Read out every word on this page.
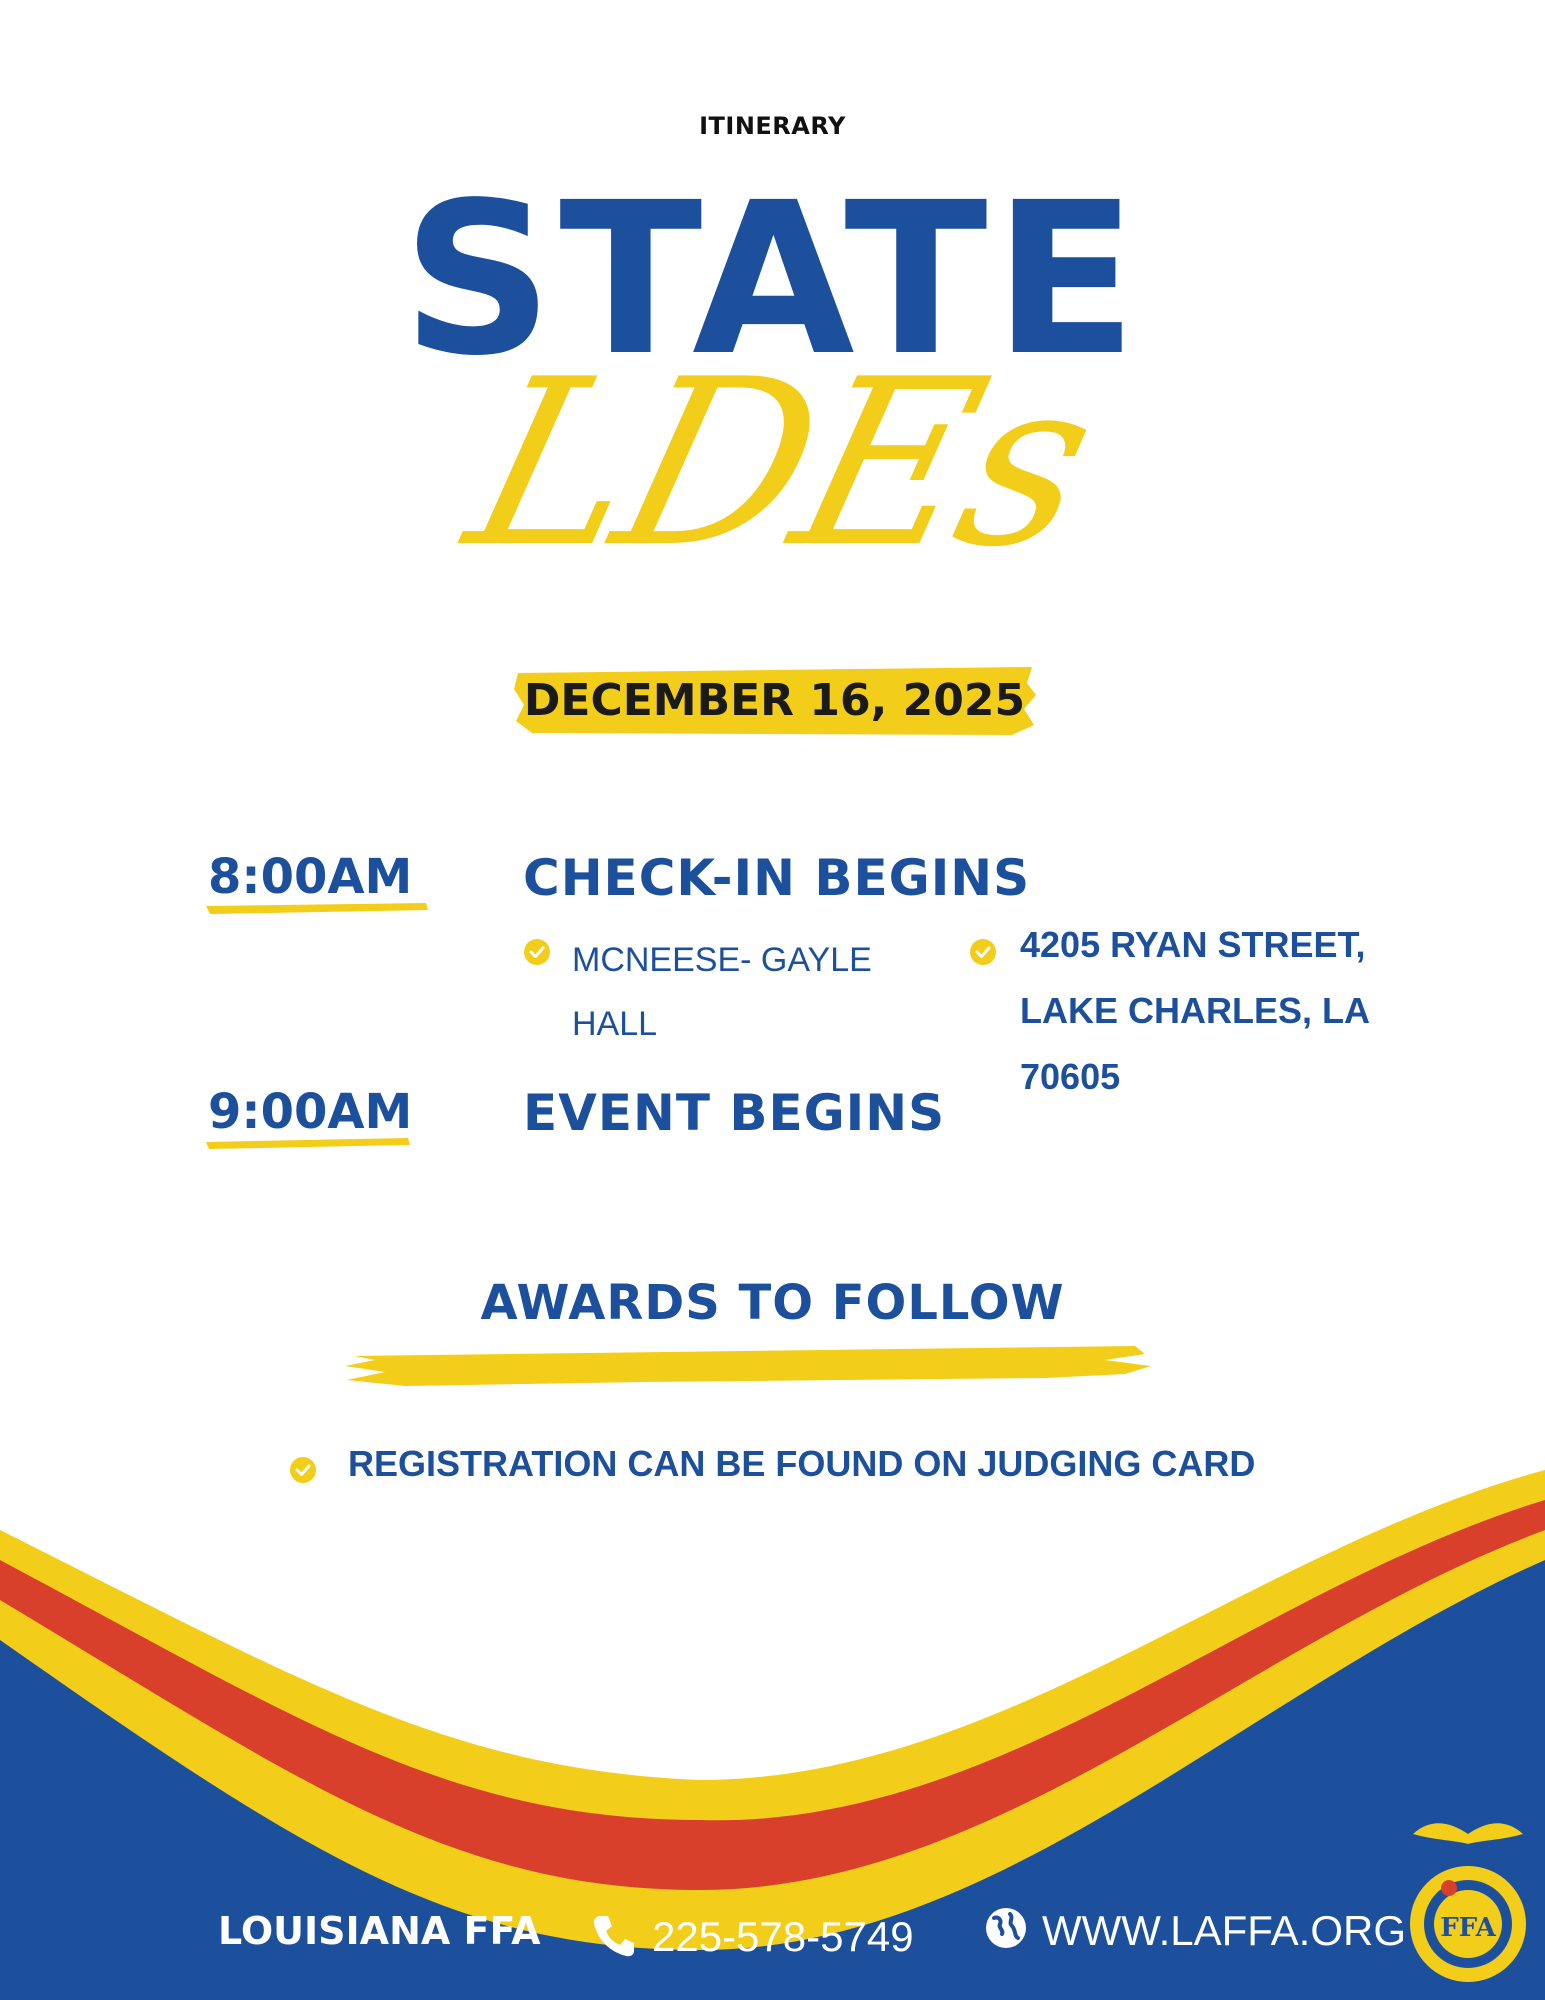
ITINERARY
STATE
LDEs
DECEMBER 16, 2025
8:00AM CHECK-IN BEGINS
MCNEESE- GAYLE
HALL
4205 RYAN STREET,
LAKE CHARLES, LA
70605
9:00AM EVENT BEGINS
AWARDS TO FOLLOW
REGISTRATION CAN BE FOUND ON JUDGING CARD
LOUISIANA FFA	225-578-5749	WWW.LAFFA.ORG FFA
